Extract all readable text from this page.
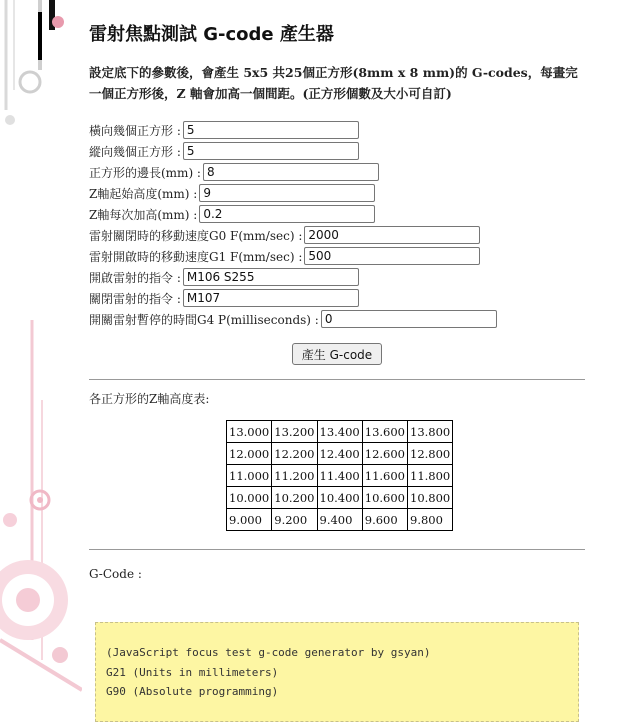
雷射焦點測試 G-code 產生器
設定底下的參數後，會產生 5x5 共25個正方形(8mm x 8 mm)的 G-codes，每畫完一個正方形後，Z 軸會加高一個間距。(正方形個數及大小可自訂)
橫向幾個正方形 :
5
縱向幾個正方形 :
5
正方形的邊長(mm) :
8
Z軸起始高度(mm) :
9
Z軸每次加高(mm) :
0.2
雷射關閉時的移動速度G0 F(mm/sec) :
2000
雷射開啟時的移動速度G1 F(mm/sec) :
500
開啟雷射的指令 :
M106 S255
關閉雷射的指令 :
M107
開關雷射暫停的時間G4 P(milliseconds) :
0
產生 G-code
各正方形的Z軸高度表:
13.000	13.200	13.400	13.600	13.800
12.000	12.200	12.400	12.600	12.800
11.000	11.200	11.400	11.600	11.800
10.000	10.200	10.400	10.600	10.800
9.000	9.200	9.400	9.600	9.800
G-Code :
(JavaScript focus test g-code generator by gsyan)
G21 (Units in millimeters)
G90 (Absolute programming)
